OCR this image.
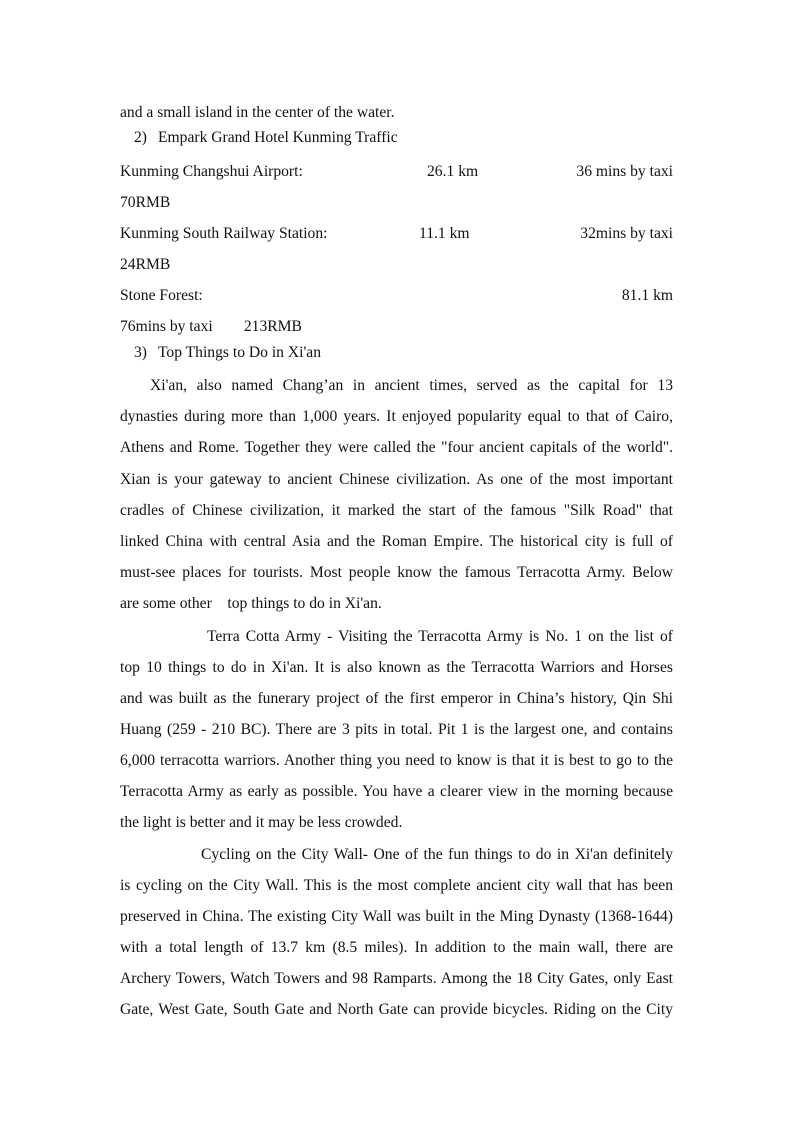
and a small island in the center of the water.
2) Empark Grand Hotel Kunming Traffic
Kunming Changshui Airport:	26.1 km	36 mins by taxi
70RMB
Kunming South Railway Station:	11.1 km	32mins by taxi
24RMB
Stone Forest:	81.1 km
76mins by taxi        213RMB
3) Top Things to Do in Xi'an
Xi'an, also named Chang’an in ancient times, served as the capital for 13
dynasties during more than 1,000 years. It enjoyed popularity equal to that of Cairo,
Athens and Rome. Together they were called the "four ancient capitals of the world".
Xian is your gateway to ancient Chinese civilization. As one of the most important
cradles of Chinese civilization, it marked the start of the famous "Silk Road" that
linked China with central Asia and the Roman Empire. The historical city is full of
must-see places for tourists. Most people know the famous Terracotta Army. Below
are some other    top things to do in Xi'an.
Terra Cotta Army - Visiting the Terracotta Army is No. 1 on the list of
top 10 things to do in Xi'an. It is also known as the Terracotta Warriors and Horses
and was built as the funerary project of the first emperor in China’s history, Qin Shi
Huang (259 - 210 BC). There are 3 pits in total. Pit 1 is the largest one, and contains
6,000 terracotta warriors. Another thing you need to know is that it is best to go to the
Terracotta Army as early as possible. You have a clearer view in the morning because
the light is better and it may be less crowded.
Cycling on the City Wall- One of the fun things to do in Xi'an definitely
is cycling on the City Wall. This is the most complete ancient city wall that has been
preserved in China. The existing City Wall was built in the Ming Dynasty (1368-1644)
with a total length of 13.7 km (8.5 miles). In addition to the main wall, there are
Archery Towers, Watch Towers and 98 Ramparts. Among the 18 City Gates, only East
Gate, West Gate, South Gate and North Gate can provide bicycles. Riding on the City
